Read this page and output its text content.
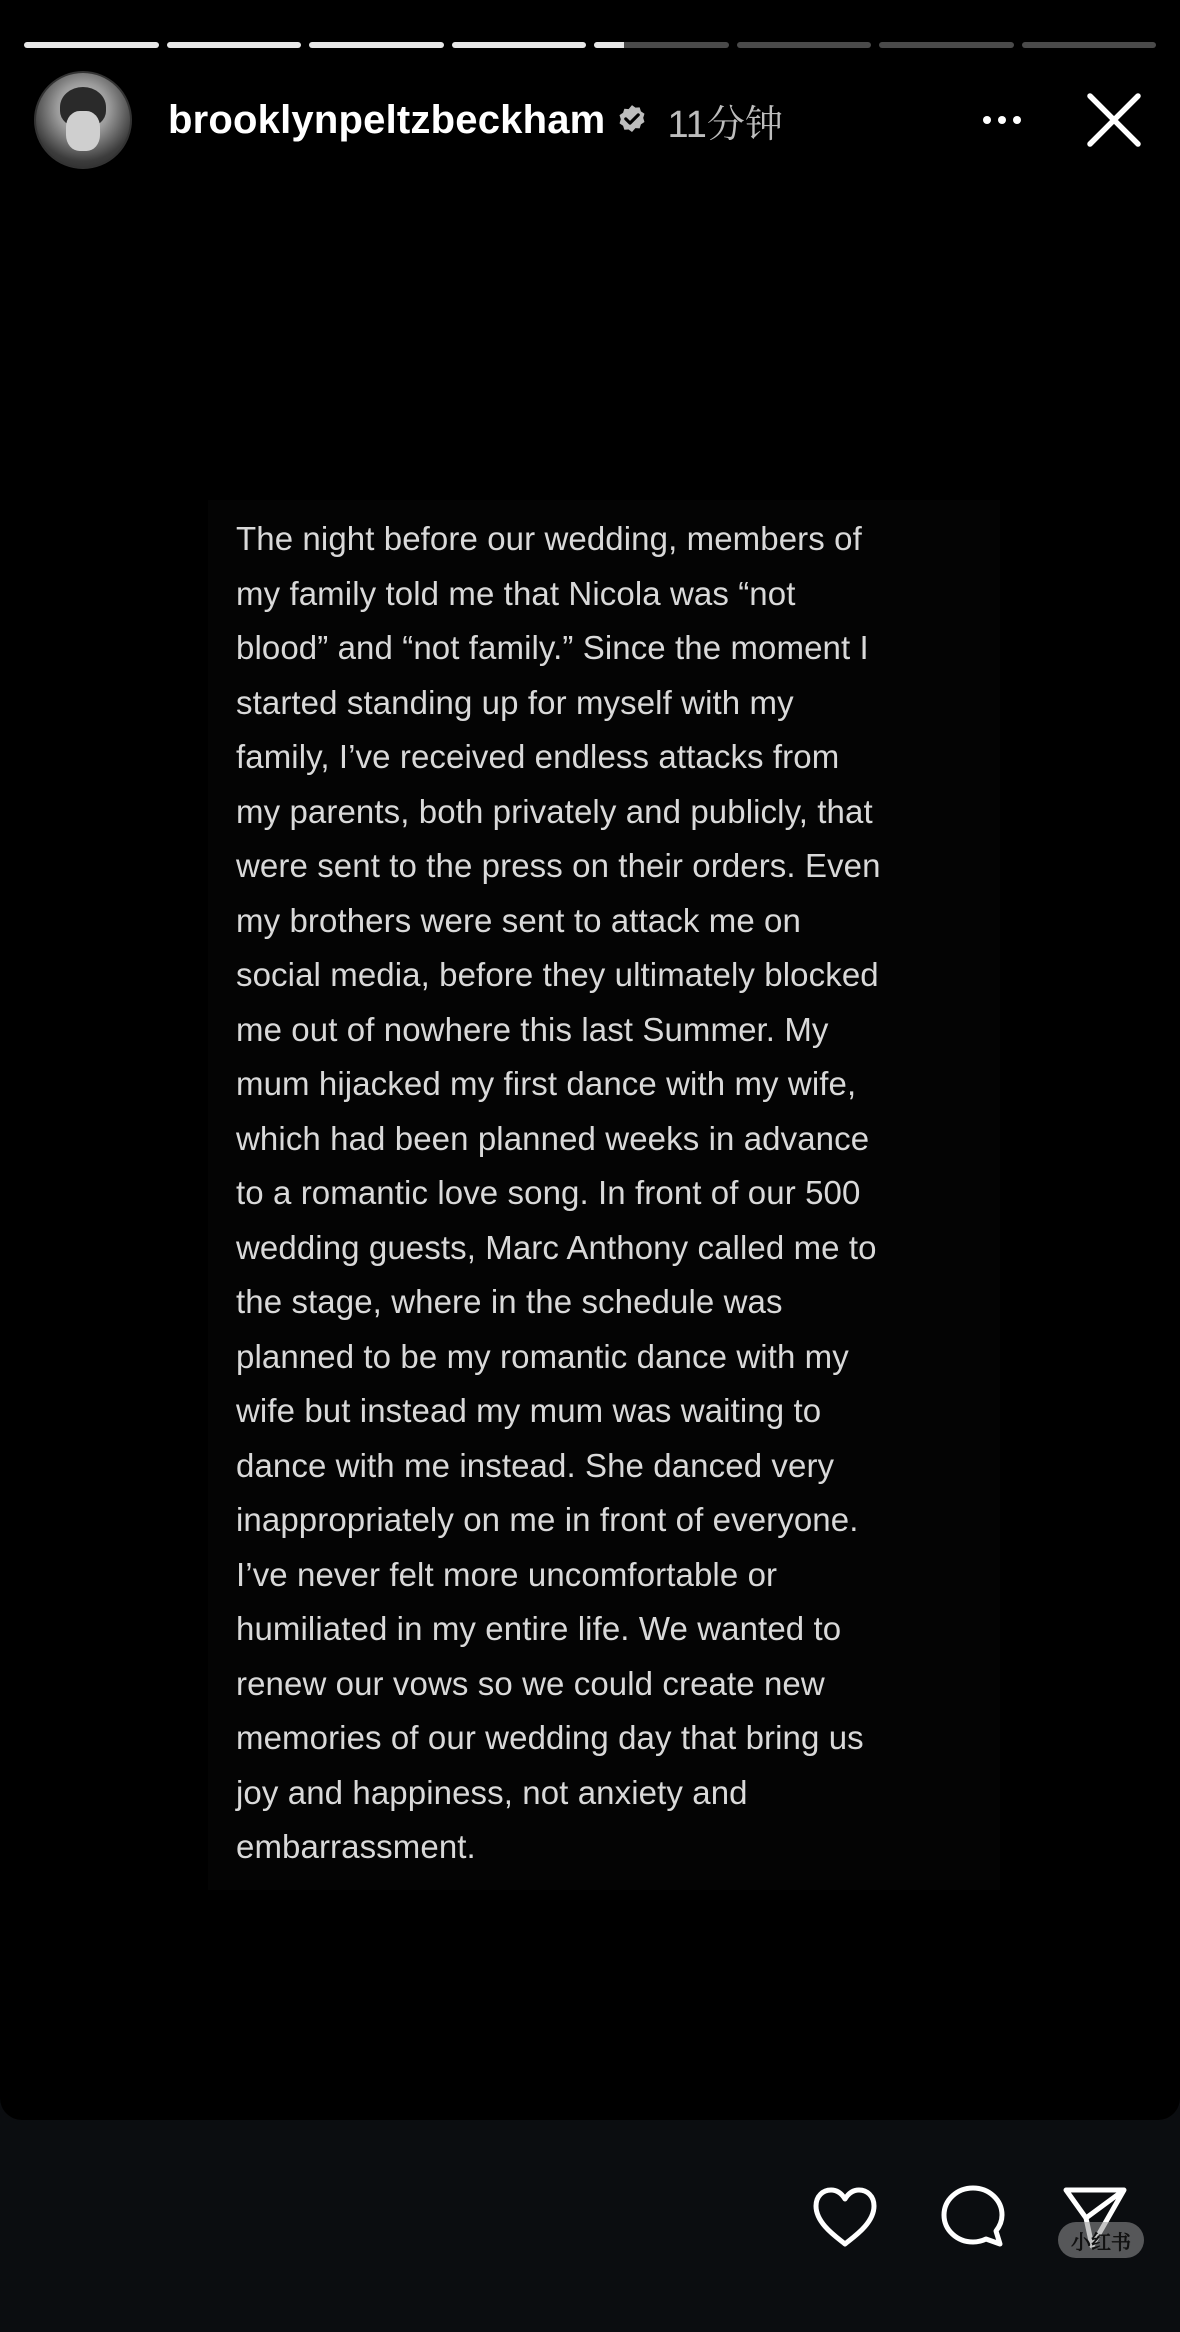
brooklynpeltzbeckham 11分钟

The night before our wedding, members of
my family told me that Nicola was “not
blood” and “not family.” Since the moment I
started standing up for myself with my
family, I’ve received endless attacks from
my parents, both privately and publicly, that
were sent to the press on their orders. Even
my brothers were sent to attack me on
social media, before they ultimately blocked
me out of nowhere this last Summer. My
mum hijacked my first dance with my wife,
which had been planned weeks in advance
to a romantic love song. In front of our 500
wedding guests, Marc Anthony called me to
the stage, where in the schedule was
planned to be my romantic dance with my
wife but instead my mum was waiting to
dance with me instead. She danced very
inappropriately on me in front of everyone.
I’ve never felt more uncomfortable or
humiliated in my entire life. We wanted to
renew our vows so we could create new
memories of our wedding day that bring us
joy and happiness, not anxiety and
embarrassment.

小红书
